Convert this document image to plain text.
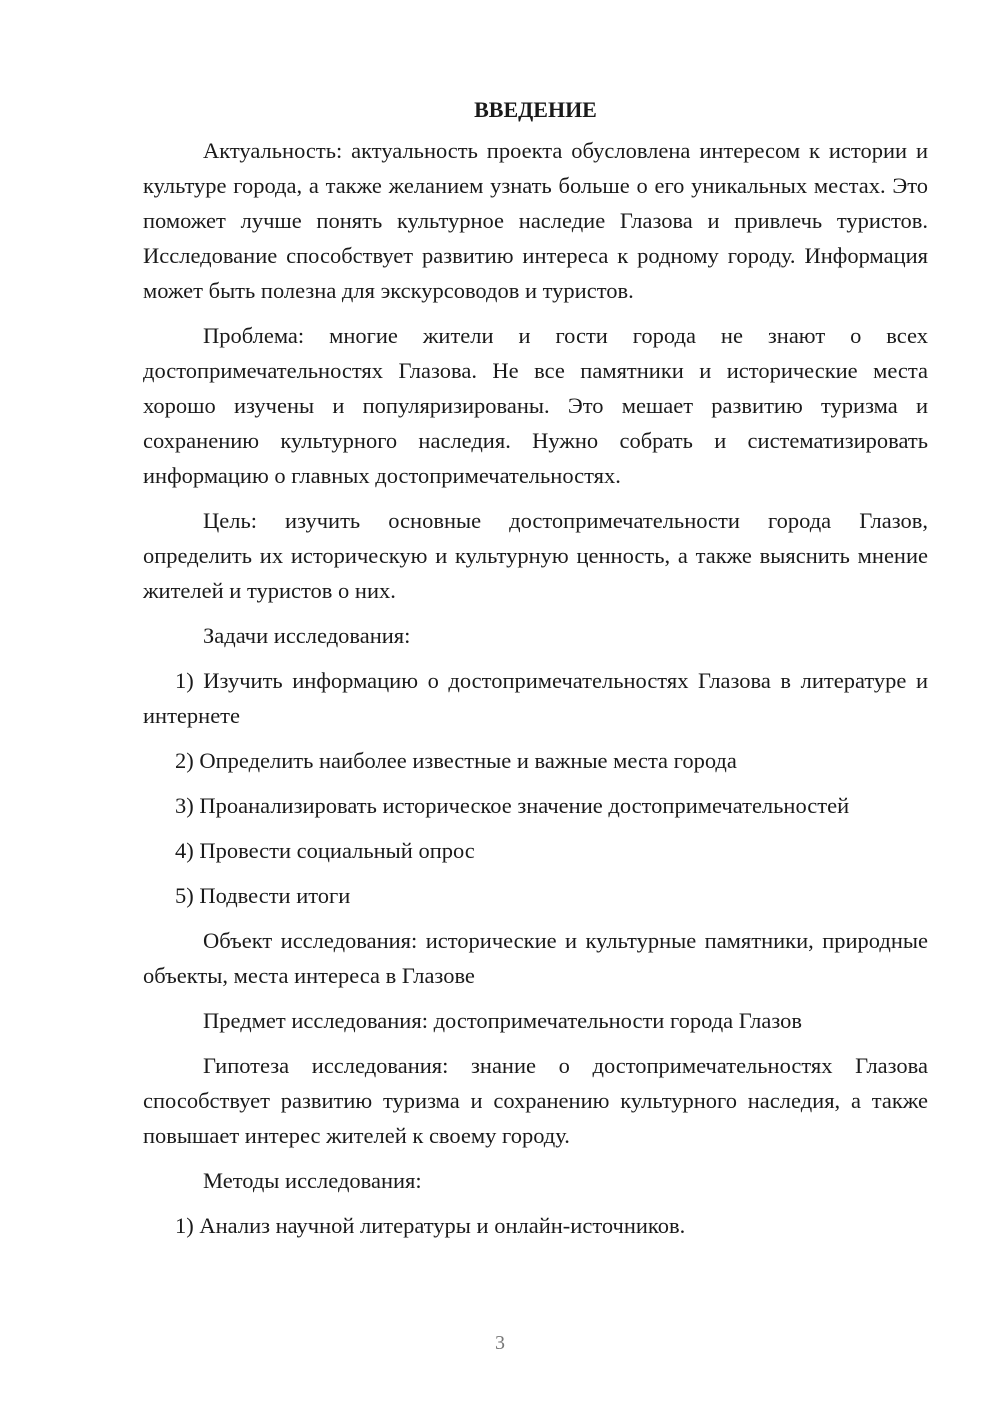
ВВЕДЕНИЕ

Актуальность: актуальность проекта обусловлена интересом к истории и культуре города, а также желанием узнать больше о его уникальных местах. Это поможет лучше понять культурное наследие Глазова и привлечь туристов. Исследование способствует развитию интереса к родному городу. Информация может быть полезна для экскурсоводов и туристов.

Проблема: многие жители и гости города не знают о всех достопримечательностях Глазова. Не все памятники и исторические места хорошо изучены и популяризированы. Это мешает развитию туризма и сохранению культурного наследия. Нужно собрать и систематизировать информацию о главных достопримечательностях.

Цель: изучить основные достопримечательности города Глазов, определить их историческую и культурную ценность, а также выяснить мнение жителей и туристов о них.

Задачи исследования:

1) Изучить информацию о достопримечательностях Глазова в литературе и интернете

2) Определить наиболее известные и важные места города

3) Проанализировать историческое значение достопримечательностей

4) Провести социальный опрос

5) Подвести итоги

Объект исследования: исторические и культурные памятники, природные объекты, места интереса в Глазове

Предмет исследования: достопримечательности города Глазов

Гипотеза исследования: знание о достопримечательностях Глазова способствует развитию туризма и сохранению культурного наследия, а также повышает интерес жителей к своему городу.

Методы исследования:

1) Анализ научной литературы и онлайн-источников.

3
